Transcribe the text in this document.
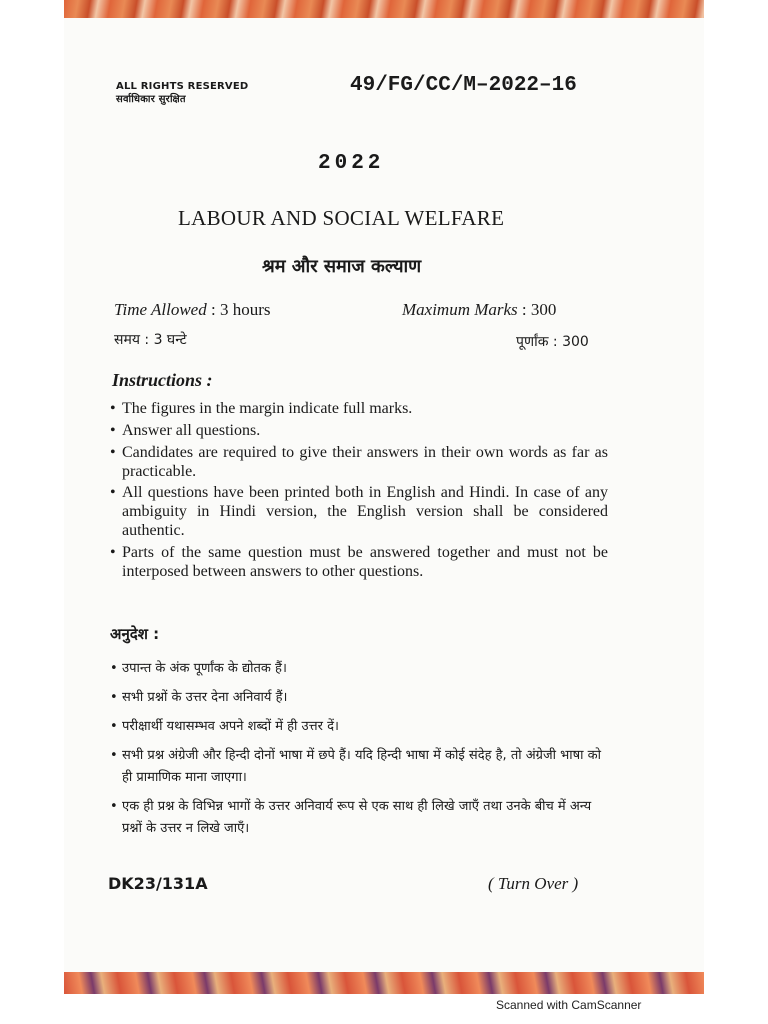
ALL RIGHTS RESERVED
सर्वाधिकार सुरक्षित
49/FG/CC/M–2022–16
2022
LABOUR AND SOCIAL WELFARE
श्रम और समाज कल्याण
Time Allowed : 3 hours	Maximum Marks : 300
समय : 3 घन्टे	पूर्णांक : 300
Instructions :
• The figures in the margin indicate full marks.
• Answer all questions.
• Candidates are required to give their answers in their own words as far as practicable.
• All questions have been printed both in English and Hindi. In case of any ambiguity in Hindi version, the English version shall be considered authentic.
• Parts of the same question must be answered together and must not be interposed between answers to other questions.
अनुदेश :
• उपान्त के अंक पूर्णांक के द्योतक हैं।
• सभी प्रश्नों के उत्तर देना अनिवार्य हैं।
• परीक्षार्थी यथासम्भव अपने शब्दों में ही उत्तर दें।
• सभी प्रश्न अंग्रेजी और हिन्दी दोनों भाषा में छपे हैं। यदि हिन्दी भाषा में कोई संदेह है, तो अंग्रेजी भाषा को ही प्रामाणिक माना जाएगा।
• एक ही प्रश्न के विभिन्न भागों के उत्तर अनिवार्य रूप से एक साथ ही लिखे जाएँ तथा उनके बीच में अन्य प्रश्नों के उत्तर न लिखे जाएँ।
DK23/131A	( Turn Over )
Scanned with CamScanner
